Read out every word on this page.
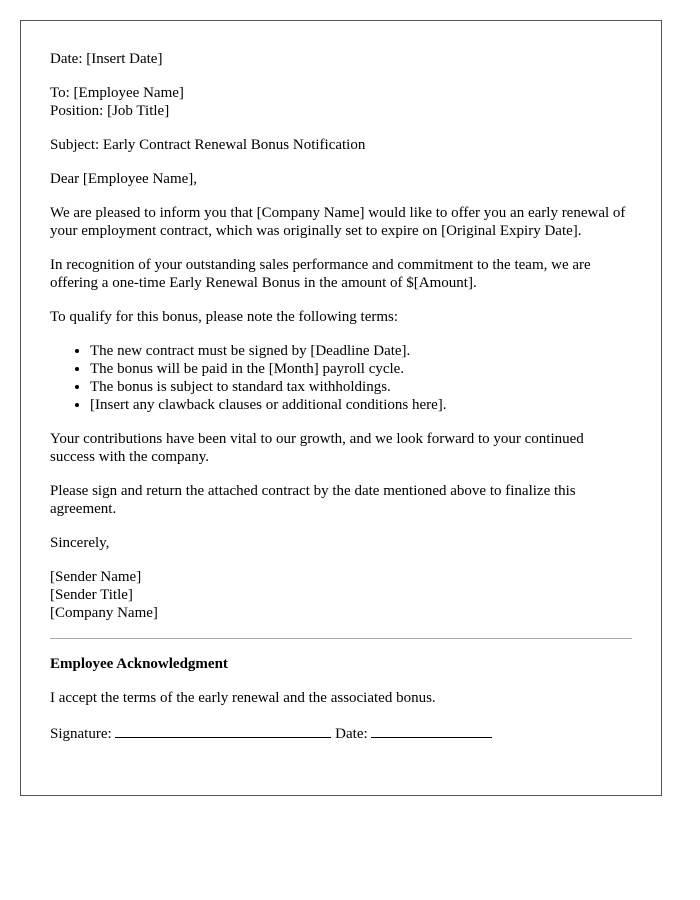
Date: [Insert Date]

To: [Employee Name]

Position: [Job Title]

Subject: Early Contract Renewal Bonus Notification

Dear [Employee Name],

We are pleased to inform you that [Company Name] would like to offer you an early renewal of your employment contract, which was originally set to expire on [Original Expiry Date].

In recognition of your outstanding sales performance and commitment to the team, we are offering a one-time Early Renewal Bonus in the amount of $[Amount].

To qualify for this bonus, please note the following terms:

• The new contract must be signed by [Deadline Date].
• The bonus will be paid in the [Month] payroll cycle.
• The bonus is subject to standard tax withholdings.
• [Insert any clawback clauses or additional conditions here].

Your contributions have been vital to our growth, and we look forward to your continued success with the company.

Please sign and return the attached contract by the date mentioned above to finalize this agreement.

Sincerely,

[Sender Name]

[Sender Title]

[Company Name]

Employee Acknowledgment

I accept the terms of the early renewal and the associated bonus.

Signature:	Date:
